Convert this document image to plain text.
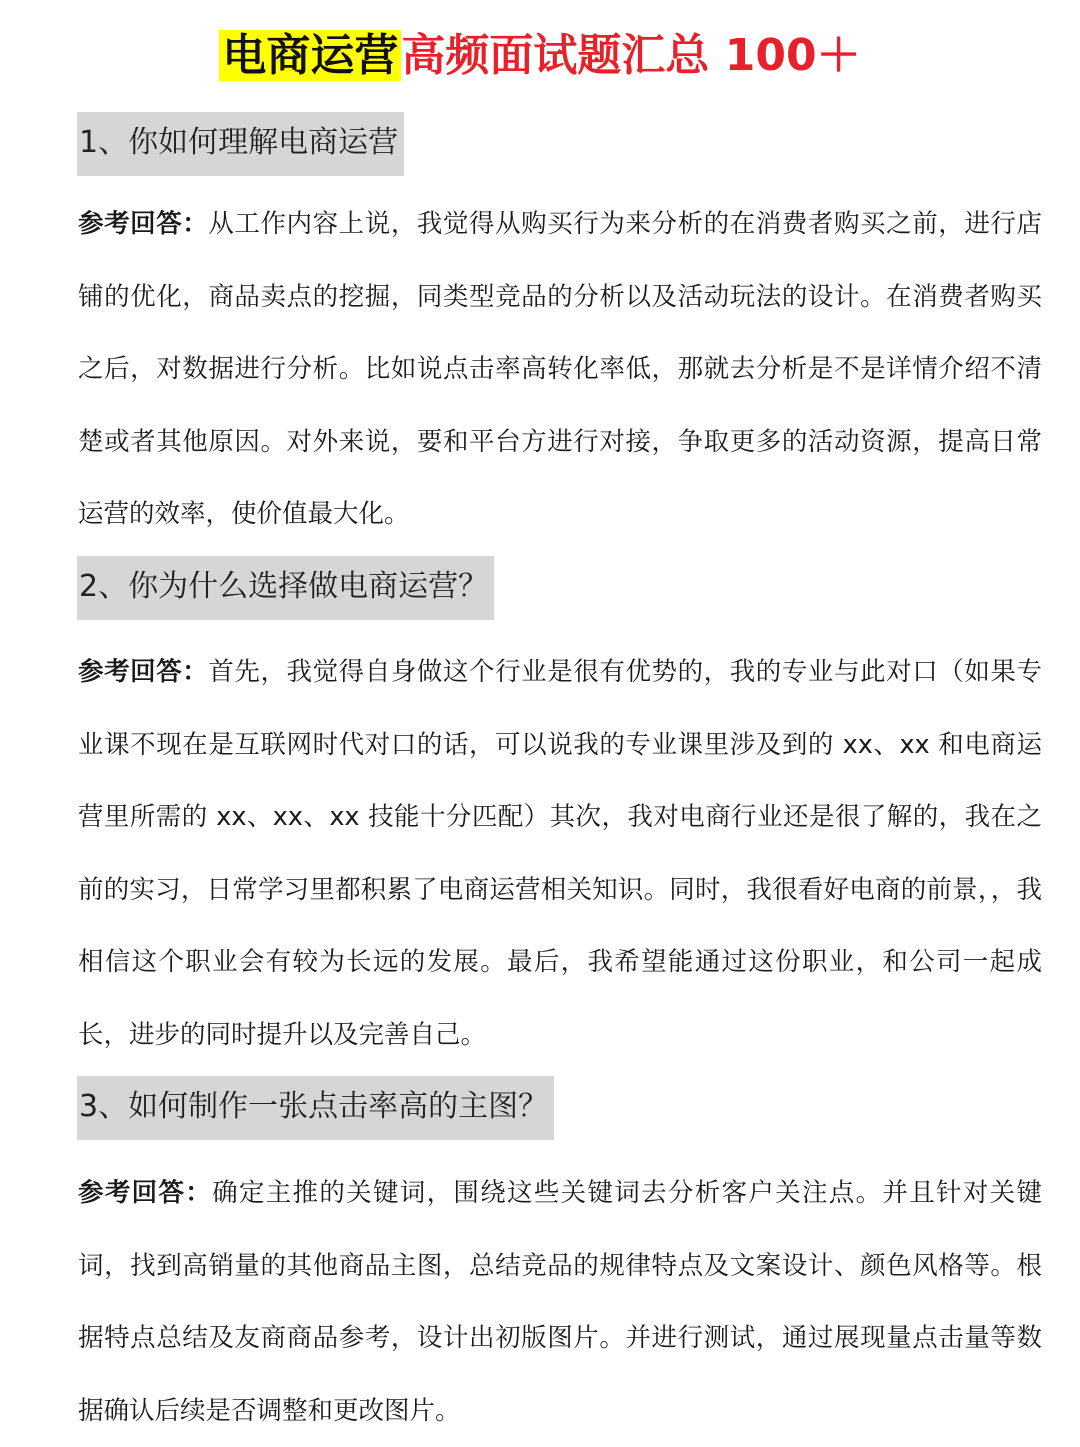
电商运营高频面试题汇总 100＋
1、你如何理解电商运营
参考回答：从工作内容上说，我觉得从购买行为来分析的在消费者购买之前，进行店铺的优化，商品卖点的挖掘，同类型竞品的分析以及活动玩法的设计。在消费者购买之后，对数据进行分析。比如说点击率高转化率低，那就去分析是不是详情介绍不清楚或者其他原因。对外来说，要和平台方进行对接，争取更多的活动资源，提高日常运营的效率，使价值最大化。
2、你为什么选择做电商运营？
参考回答：首先，我觉得自身做这个行业是很有优势的，我的专业与此对口（如果专业课不现在是互联网时代对口的话，可以说我的专业课里涉及到的 xx、xx 和电商运营里所需的 xx、xx、xx 技能十分匹配）其次，我对电商行业还是很了解的，我在之前的实习，日常学习里都积累了电商运营相关知识。同时，我很看好电商的前景，，我相信这个职业会有较为长远的发展。最后，我希望能通过这份职业，和公司一起成长，进步的同时提升以及完善自己。
3、如何制作一张点击率高的主图？
参考回答：确定主推的关键词，围绕这些关键词去分析客户关注点。并且针对关键词，找到高销量的其他商品主图，总结竞品的规律特点及文案设计、颜色风格等。根据特点总结及友商商品参考，设计出初版图片。并进行测试，通过展现量点击量等数据确认后续是否调整和更改图片。
